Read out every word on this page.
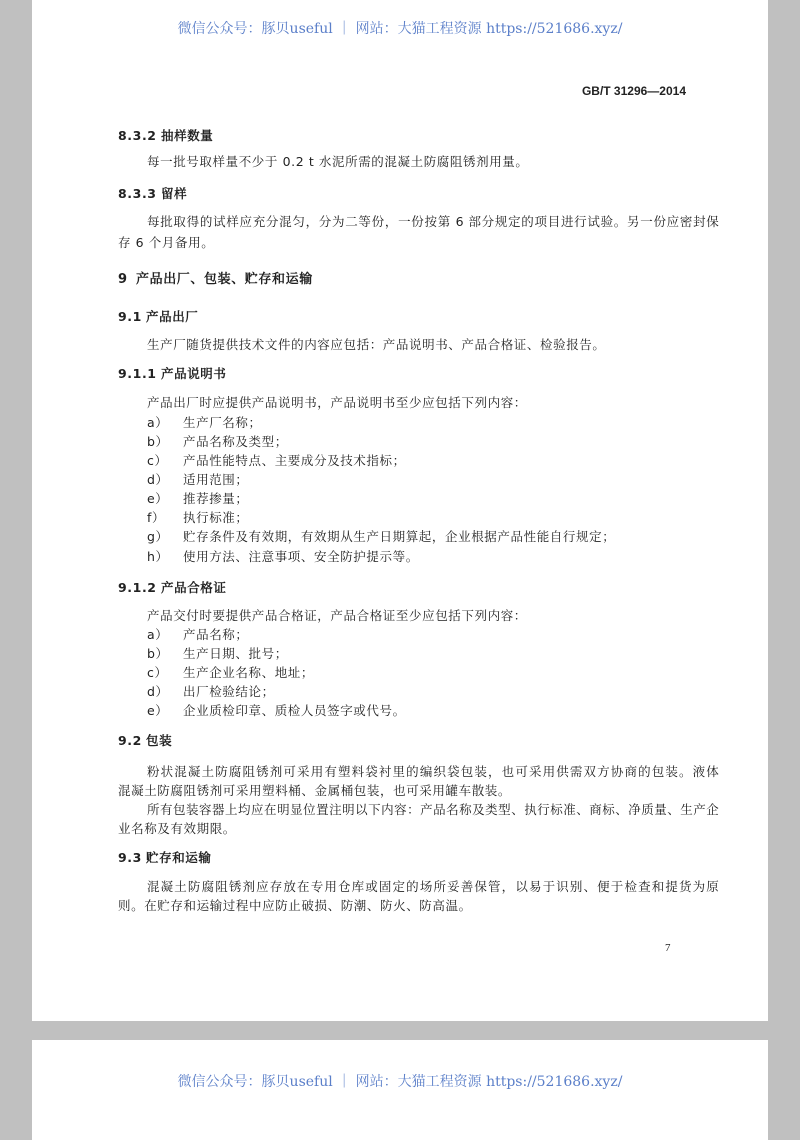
微信公众号：豚贝useful ｜ 网站：大猫工程资源 https://521686.xyz/
GB/T 31296—2014
8.3.2 抽样数量
每一批号取样量不少于 0.2 t 水泥所需的混凝土防腐阻锈剂用量。
8.3.3 留样
每批取得的试样应充分混匀，分为二等份，一份按第 6 部分规定的项目进行试验。另一份应密封保
存 6 个月备用。
9 产品出厂、包装、贮存和运输
9.1 产品出厂
生产厂随货提供技术文件的内容应包括：产品说明书、产品合格证、检验报告。
9.1.1 产品说明书
产品出厂时应提供产品说明书，产品说明书至少应包括下列内容：
a） 生产厂名称；
b） 产品名称及类型；
c） 产品性能特点、主要成分及技术指标；
d） 适用范围；
e） 推荐掺量；
f） 执行标准；
g） 贮存条件及有效期，有效期从生产日期算起，企业根据产品性能自行规定；
h） 使用方法、注意事项、安全防护提示等。
9.1.2 产品合格证
产品交付时要提供产品合格证，产品合格证至少应包括下列内容：
a） 产品名称；
b） 生产日期、批号；
c） 生产企业名称、地址；
d） 出厂检验结论；
e） 企业质检印章、质检人员签字或代号。
9.2 包装
粉状混凝土防腐阻锈剂可采用有塑料袋衬里的编织袋包装，也可采用供需双方协商的包装。液体
混凝土防腐阻锈剂可采用塑料桶、金属桶包装，也可采用罐车散装。
所有包装容器上均应在明显位置注明以下内容：产品名称及类型、执行标准、商标、净质量、生产企
业名称及有效期限。
9.3 贮存和运输
混凝土防腐阻锈剂应存放在专用仓库或固定的场所妥善保管，以易于识别、便于检查和提货为原
则。在贮存和运输过程中应防止破损、防潮、防火、防高温。
7
微信公众号：豚贝useful ｜ 网站：大猫工程资源 https://521686.xyz/
